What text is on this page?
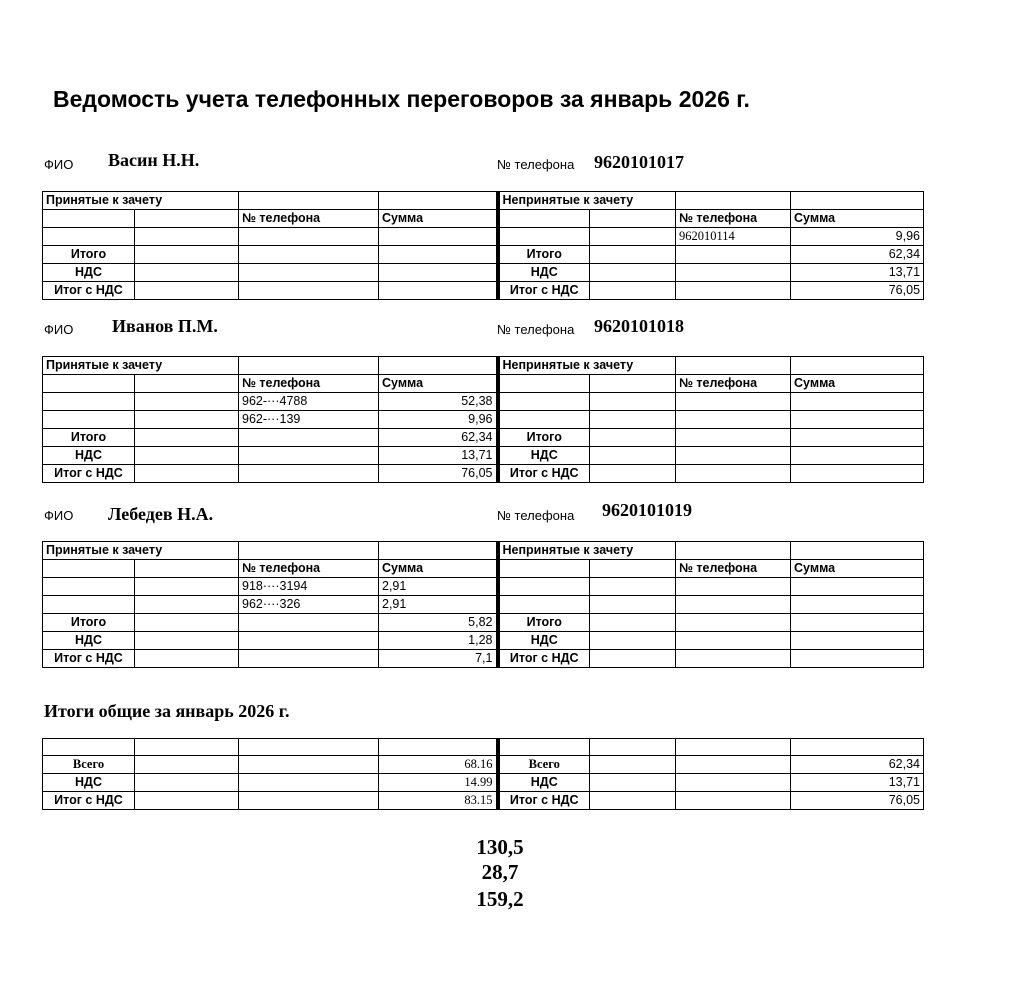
Ведомость учета телефонных переговоров за январь 2026 г.
ФИО Васин Н.Н.	№ телефона 9620101017
Принятые к зачету				Непринятые к зачету			
		№ телефона	Сумма			№ телефона	Сумма
						962010114	9,96
Итого				Итого			62,34
НДС				НДС			13,71
Итог с НДС				Итог с НДС			76,05
ФИО Иванов П.М.	№ телефона 9620101018
Принятые к зачету				Непринятые к зачету			
		№ телефона	Сумма			№ телефона	Сумма
		962-···4788	52,38				
		962-···139	9,96				
Итого			62,34	Итого			
НДС			13,71	НДС			
Итог с НДС			76,05	Итог с НДС			
ФИО Лебедев Н.А.	№ телефона 9620101019
Принятые к зачету				Непринятые к зачету			
		№ телефона	Сумма			№ телефона	Сумма
		918····3194	2,91				
		962····326	2,91				
Итого			5,82	Итого			
НДС			1,28	НДС			
Итог с НДС			7,1	Итог с НДС			
Итоги общие за январь 2026 г.

Всего			68.16	Всего			62,34
НДС			14.99	НДС			13,71
Итог с НДС			83.15	Итог с НДС			76,05
130,5
28,7
159,2
